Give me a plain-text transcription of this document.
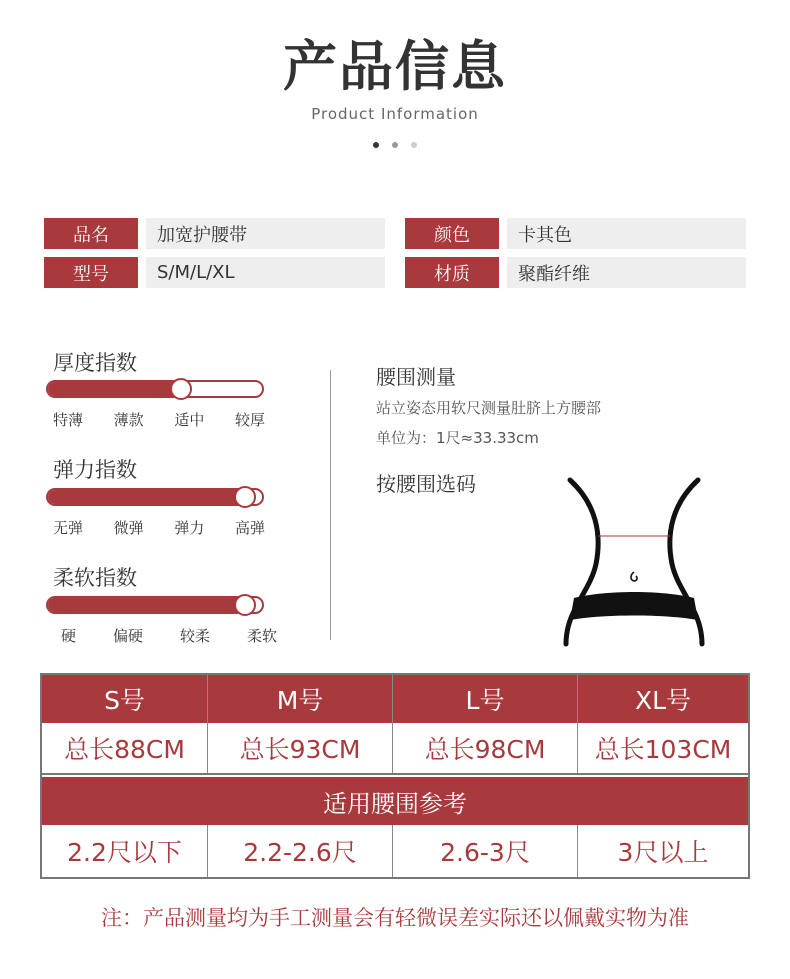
产品信息
Product Information
品名	加宽护腰带	颜色	卡其色
型号	S/M/L/XL	材质	聚酯纤维
厚度指数
特薄 薄款 适中 较厚
弹力指数
无弹 微弹 弹力 高弹
柔软指数
硬 偏硬 较柔 柔软
腰围测量
站立姿态用软尺测量肚脐上方腰部
单位为：1尺≈33.33cm
按腰围选码
S号	M号	L号	XL号
总长88CM	总长93CM	总长98CM	总长103CM
适用腰围参考
2.2尺以下	2.2-2.6尺	2.6-3尺	3尺以上
注：产品测量均为手工测量会有轻微误差实际还以佩戴实物为准
